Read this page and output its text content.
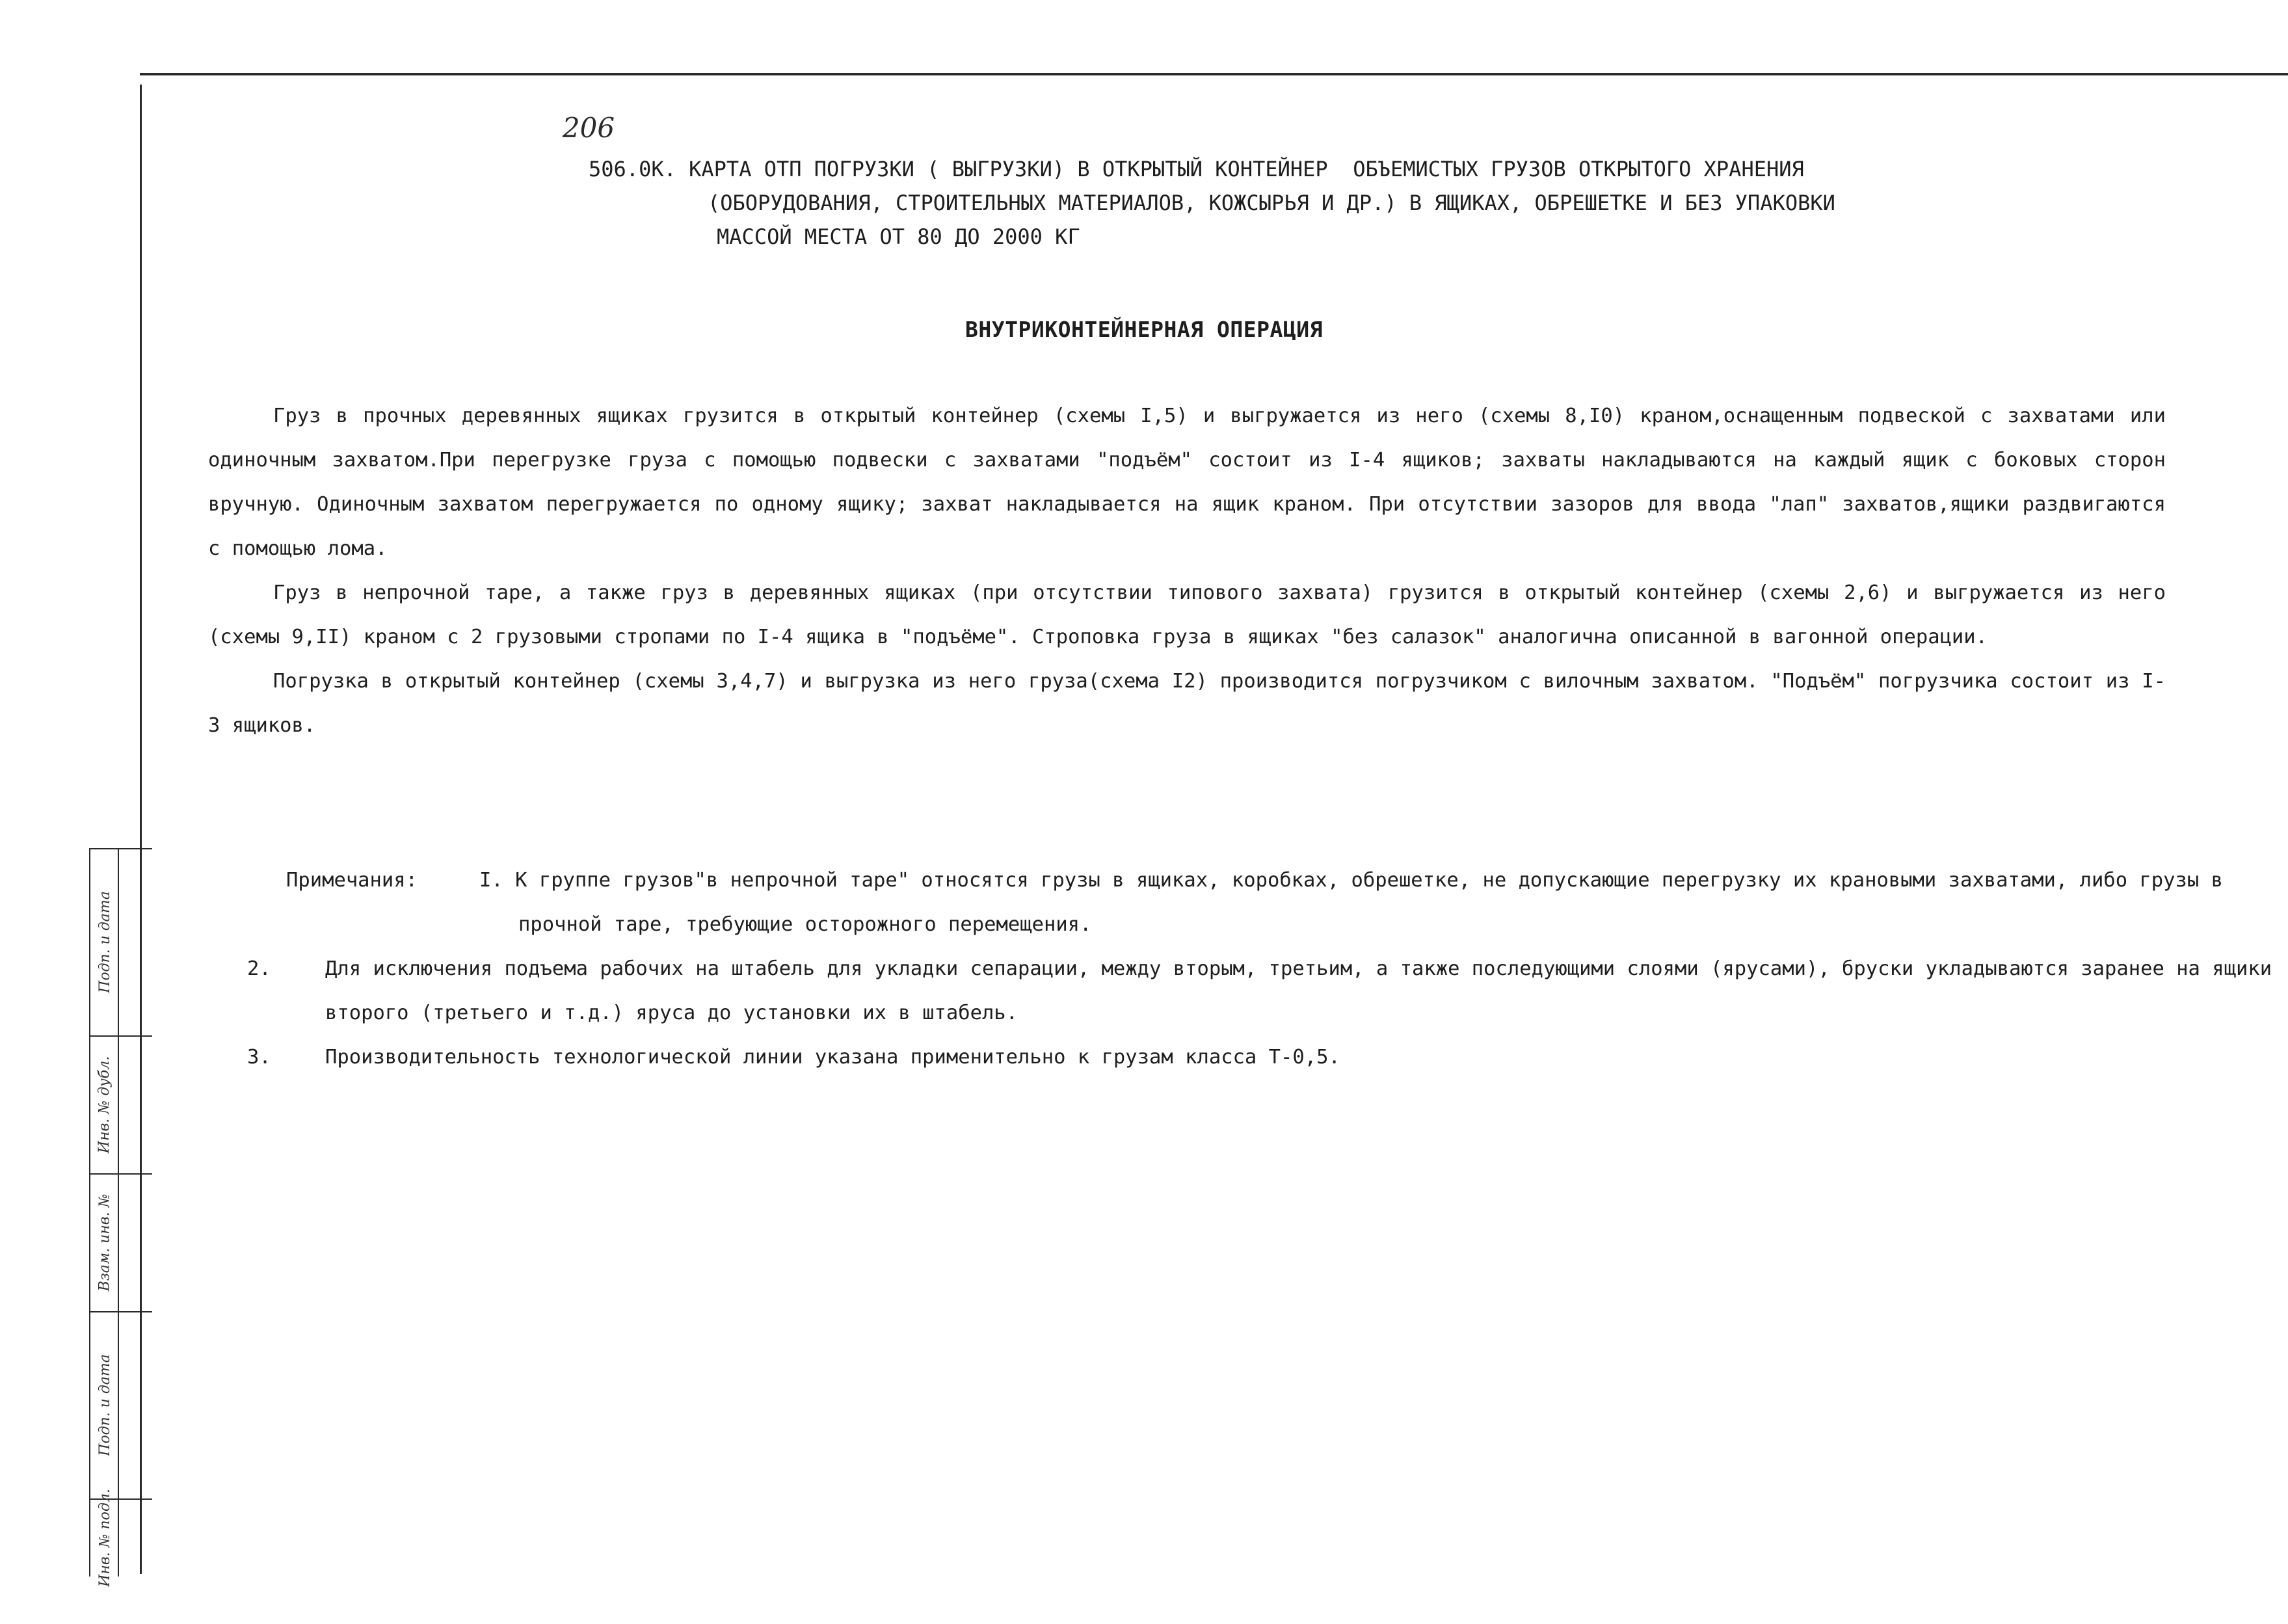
206

506.0К. КАРТА ОТП ПОГРУЗКИ ( ВЫГРУЗКИ) В ОТКРЫТЫЙ КОНТЕЙНЕР  ОБЪЕМИСТЫХ ГРУЗОВ ОТКРЫТОГО ХРАНЕНИЯ

(ОБОРУДОВАНИЯ, СТРОИТЕЛЬНЫХ МАТЕРИАЛОВ, КОЖСЫРЬЯ И ДР.) В ЯЩИКАХ, ОБРЕШЕТКЕ И БЕЗ УПАКОВКИ

МАССОЙ МЕСТА ОТ 80 ДО 2000 КГ

ВНУТРИКОНТЕЙНЕРНАЯ ОПЕРАЦИЯ

Груз в прочных деревянных ящиках грузится в открытый контейнер (схемы I,5) и выгружается из него (схемы 8,I0) краном,оснащенным подвеской с захватами или одиночным захватом.При перегрузке груза с помощью подвески с захватами "подъём" состоит из I-4 ящиков; захваты накладываются на каждый ящик с боковых сторон вручную. Одиночным захватом перегружается по одному ящику; захват накладывается на ящик краном. При отсутствии зазоров для ввода "лап" захватов,ящики раздвигаются с помощью лома.

Груз в непрочной таре, а также груз в деревянных ящиках (при отсутствии типового захвата) грузится в открытый контейнер (схемы 2,6) и выгружается из него (схемы 9,II) краном с 2 грузовыми стропами по I-4 ящика в "подъёме". Строповка груза в ящиках "без салазок" аналогична описанной в вагонной операции.

Погрузка в открытый контейнер (схемы 3,4,7) и выгрузка из него груза(схема I2) производится погрузчиком с вилочным захватом. "Подъём" погрузчика состоит из I-3 ящиков.

Примечания:	I. К группе грузов"в непрочной таре" относятся грузы в ящиках, коробках, обрешетке, не допускающие перегрузку их крановыми захватами, либо грузы в прочной таре, требующие осторожного перемещения.
2.	Для исключения подъема рабочих на штабель для укладки сепарации, между вторым, третьим, а также последующими слоями (ярусами), бруски укладываются заранее на ящики второго (третьего и т.д.) яруса до установки их в штабель.
3.	Производительность технологической линии указана применительно к грузам класса Т-0,5.
Подп. и дата
Инв. № дубл.
Взам. инв. №
Подп. и дата
Инв. № подл.
